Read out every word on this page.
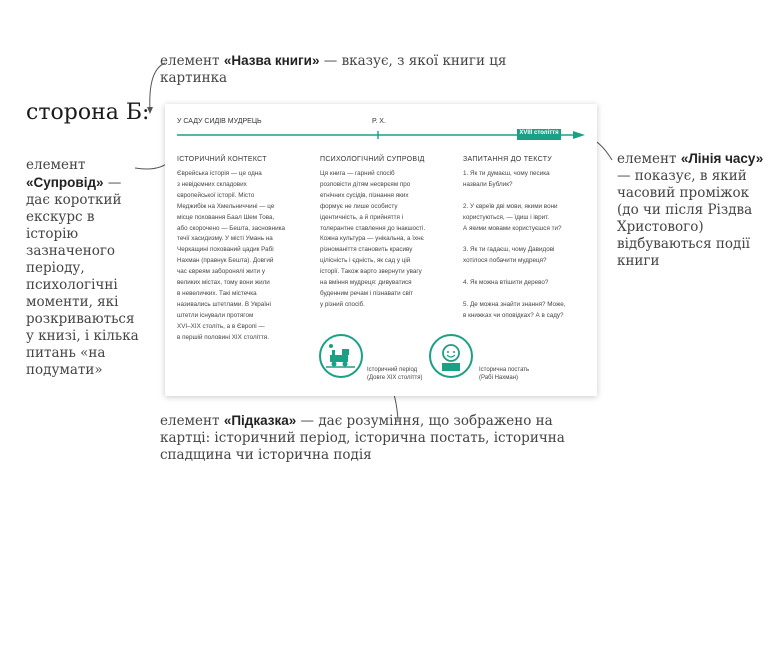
сторона Б:
елемент «Назва книги» — вказує, з якої книги ця картинка
елемент «Супровід» — дає короткий екскурс в історію зазначеного періоду, психологічні моменти, які розкриваються у книзі, і кілька питань «на подумати»
елемент «Лінія часу» — показує, в який часовий проміжок (до чи після Різдва Христового) відбуваються події книги
елемент «Підказка» — дає розуміння, що зображено на картці: історичний період, історична постать, історична спадщина чи історична подія
У САДУ СИДІВ МУДРЕЦЬ	Р. Х.
XVIII століття
ІСТОРИЧНИЙ КОНТЕКСТ
Єврейська історія — це одна
з невідємних складових
європейської історії. Місто
Меджибіж на Хмельниччині — це
місце поховання Баал Шем Това,
або скорочено — Бешта, засновника
течії хасидизму. У місті Умань на
Черкащині похований цадик Рабі
Нахман (правнук Бешта). Довгий
час євреям заборонялі жити у
великих містах, тому вони жили
в невеличких. Такі містечка
називались штетлами. В Україні
штетли існували протягом
XVI–XIX століть, а в Європі —
в першій половині XIX століття.
ПСИХОЛОГІЧНИЙ СУПРОВІД
Ця книга — гарний спосіб
розповісти дітям несврєям про
етнічних сусідів, пізнання яких
формує не лише особисту
ідентичність, а й прийняття і
толерантне ставлення до інакшості.
Кожна культура — унікальна, а їхнє
різноманіття становить красиву
цілісність і єдність, як сад у цій
історії. Також варто звернути увагу
на вміння мудреця: дивуватися
буденним речам і пізнавати світ
у різний спосіб.
ЗАПИТАННЯ ДО ТЕКСТУ
1. Як ти думаєш, чому песика
назвали Бублик?

2. У євреїв дві мови, якими вони
користуються, — їдиш і іврит.
А якими мовами користуєшся ти?

3. Як ти гадаєш, чому Давидові
хотілося побачити мудреця?

4. Як можна втішити дерево?

5. Де можна знайти знання? Може,
в книжках чи оповідках? А в саду?
Історичний період
(Довге XIX століття)
Історична постать
(Рабі Нахман)
